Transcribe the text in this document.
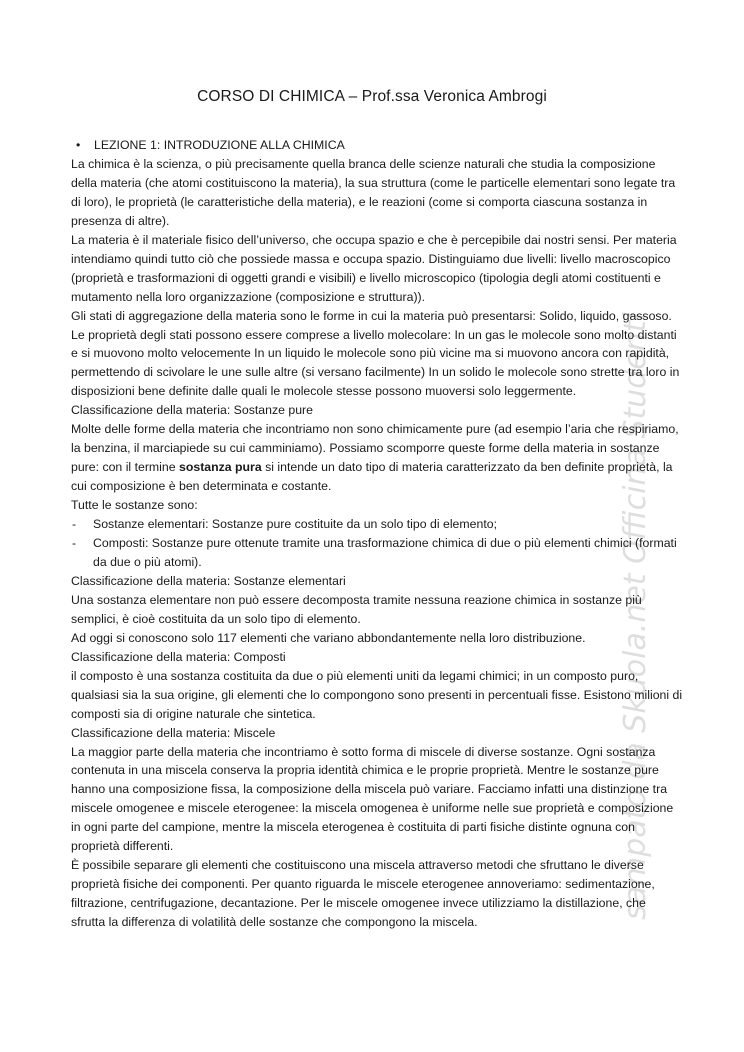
sampato da Skuola.net Officina Studenti
CORSO DI CHIMICA – Prof.ssa Veronica Ambrogi

• LEZIONE 1: INTRODUZIONE ALLA CHIMICA

La chimica è la scienza, o più precisamente quella branca delle scienze naturali che studia la composizione della materia (che atomi costituiscono la materia), la sua struttura (come le particelle elementari sono legate tra di loro), le proprietà (le caratteristiche della materia), e le reazioni (come si comporta ciascuna sostanza in presenza di altre).

La materia è il materiale fisico dell’universo, che occupa spazio e che è percepibile dai nostri sensi. Per materia intendiamo quindi tutto ciò che possiede massa e occupa spazio. Distinguiamo due livelli: livello macroscopico (proprietà e trasformazioni di oggetti grandi e visibili) e livello microscopico (tipologia degli atomi costituenti e mutamento nella loro organizzazione (composizione e struttura)).

Gli stati di aggregazione della materia sono le forme in cui la materia può presentarsi: Solido, liquido, gassoso. Le proprietà degli stati possono essere comprese a livello molecolare: In un gas le molecole sono molto distanti e si muovono molto velocemente In un liquido le molecole sono più vicine ma si muovono ancora con rapidità, permettendo di scivolare le une sulle altre (si versano facilmente) In un solido le molecole sono strette tra loro in disposizioni bene definite dalle quali le molecole stesse possono muoversi solo leggermente.

Classificazione della materia: Sostanze pure

Molte delle forme della materia che incontriamo non sono chimicamente pure (ad esempio l’aria che respiriamo, la benzina, il marciapiede su cui camminiamo). Possiamo scomporre queste forme della materia in sostanze pure: con il termine sostanza pura si intende un dato tipo di materia caratterizzato da ben definite proprietà, la cui composizione è ben determinata e costante.

Tutte le sostanze sono:

- Sostanze elementari: Sostanze pure costituite da un solo tipo di elemento;

- Composti: Sostanze pure ottenute tramite una trasformazione chimica di due o più elementi chimici (formati da due o più atomi).

Classificazione della materia: Sostanze elementari

Una sostanza elementare non può essere decomposta tramite nessuna reazione chimica in sostanze più semplici, è cioè costituita da un solo tipo di elemento.

Ad oggi si conoscono solo 117 elementi che variano abbondantemente nella loro distribuzione.

Classificazione della materia: Composti

il composto è una sostanza costituita da due o più elementi uniti da legami chimici; in un composto puro, qualsiasi sia la sua origine, gli elementi che lo compongono sono presenti in percentuali fisse. Esistono milioni di composti sia di origine naturale che sintetica.

Classificazione della materia: Miscele

La maggior parte della materia che incontriamo è sotto forma di miscele di diverse sostanze. Ogni sostanza contenuta in una miscela conserva la propria identità chimica e le proprie proprietà. Mentre le sostanze pure hanno una composizione fissa, la composizione della miscela può variare. Facciamo infatti una distinzione tra miscele omogenee e miscele eterogenee: la miscela omogenea è uniforme nelle sue proprietà e composizione in ogni parte del campione, mentre la miscela eterogenea è costituita di parti fisiche distinte ognuna con proprietà differenti.

È possibile separare gli elementi che costituiscono una miscela attraverso metodi che sfruttano le diverse proprietà fisiche dei componenti. Per quanto riguarda le miscele eterogenee annoveriamo: sedimentazione, filtrazione, centrifugazione, decantazione. Per le miscele omogenee invece utilizziamo la distillazione, che sfrutta la differenza di volatilità delle sostanze che compongono la miscela.
